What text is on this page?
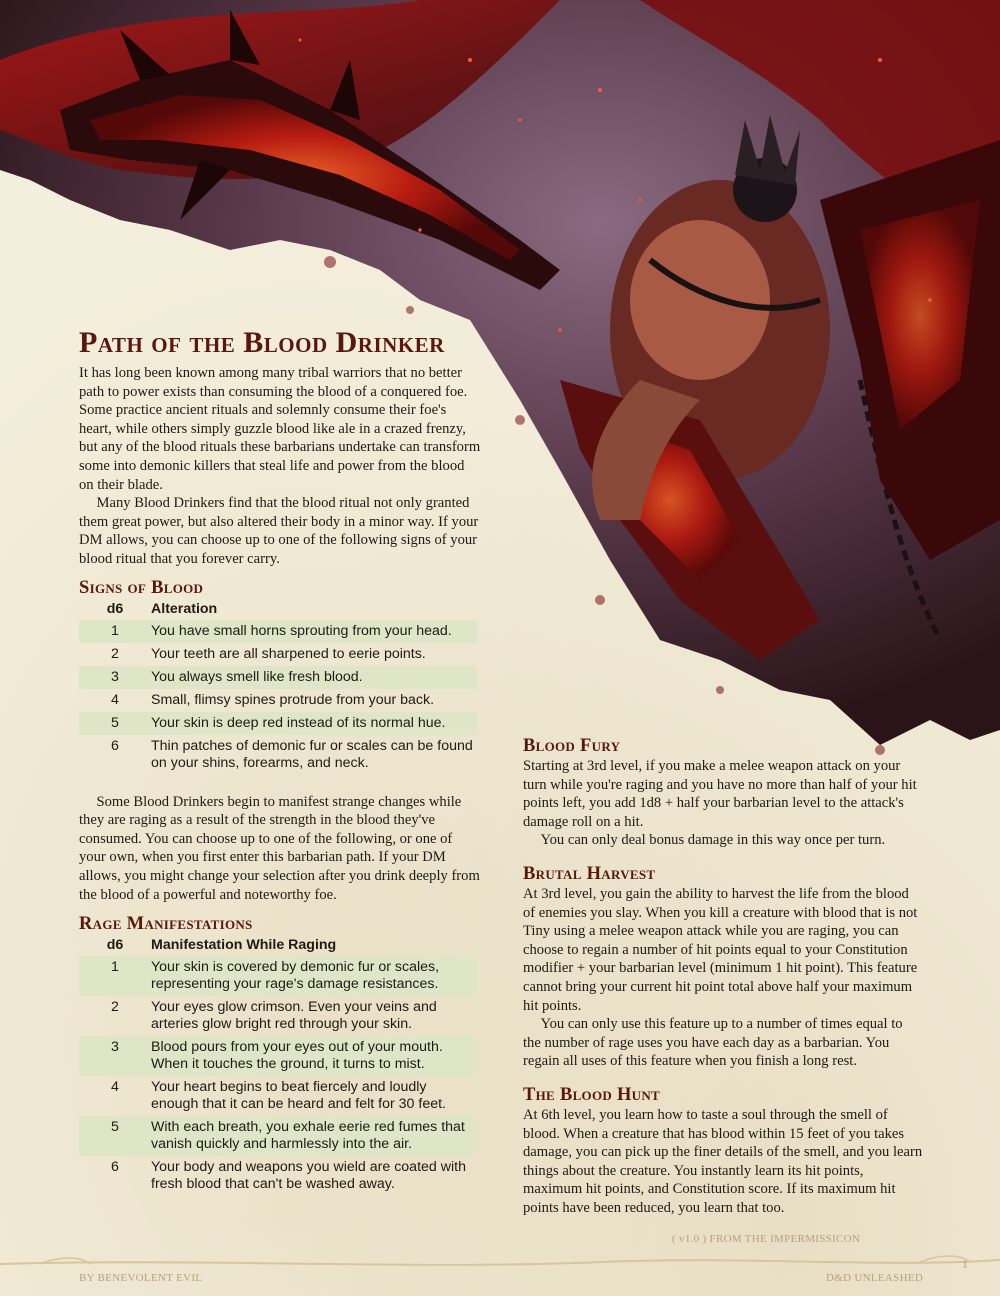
Path of the Blood Drinker

It has long been known among many tribal warriors that no better path to power exists than consuming the blood of a conquered foe. Some practice ancient rituals and solemnly consume their foe's heart, while others simply guzzle blood like ale in a crazed frenzy, but any of the blood rituals these barbarians undertake can transform some into demonic killers that steal life and power from the blood on their blade.

Many Blood Drinkers find that the blood ritual not only granted them great power, but also altered their body in a minor way. If your DM allows, you can choose up to one of the following signs of your blood ritual that you forever carry.

Signs of Blood
d6	Alteration
1	You have small horns sprouting from your head.
2	Your teeth are all sharpened to eerie points.
3	You always smell like fresh blood.
4	Small, flimsy spines protrude from your back.
5	Your skin is deep red instead of its normal hue.
6	Thin patches of demonic fur or scales can be found on your shins, forearms, and neck.

Some Blood Drinkers begin to manifest strange changes while they are raging as a result of the strength in the blood they've consumed. You can choose up to one of the following, or one of your own, when you first enter this barbarian path. If your DM allows, you might change your selection after you drink deeply from the blood of a powerful and noteworthy foe.

Rage Manifestations
d6	Manifestation While Raging
1	Your skin is covered by demonic fur or scales, representing your rage's damage resistances.
2	Your eyes glow crimson. Even your veins and arteries glow bright red through your skin.
3	Blood pours from your eyes out of your mouth. When it touches the ground, it turns to mist.
4	Your heart begins to beat fiercely and loudly enough that it can be heard and felt for 30 feet.
5	With each breath, you exhale eerie red fumes that vanish quickly and harmlessly into the air.
6	Your body and weapons you wield are coated with fresh blood that can't be washed away.
Blood Fury

Starting at 3rd level, if you make a melee weapon attack on your turn while you're raging and you have no more than half of your hit points left, you add 1d8 + half your barbarian level to the attack's damage roll on a hit.

You can only deal bonus damage in this way once per turn.

Brutal Harvest

At 3rd level, you gain the ability to harvest the life from the blood of enemies you slay. When you kill a creature with blood that is not Tiny using a melee weapon attack while you are raging, you can choose to regain a number of hit points equal to your Constitution modifier + your barbarian level (minimum 1 hit point). This feature cannot bring your current hit point total above half your maximum hit points.

You can only use this feature up to a number of times equal to the number of rage uses you have each day as a barbarian. You regain all uses of this feature when you finish a long rest.

The Blood Hunt

At 6th level, you learn how to taste a soul through the smell of blood. When a creature that has blood within 15 feet of you takes damage, you can pick up the finer details of the smell, and you learn things about the creature. You instantly learn its hit points, maximum hit points, and Constitution score. If its maximum hit points have been reduced, you learn that too.

( v1.0 ) FROM THE IMPERMISSICON
BY BENEVOLENT EVIL	D&D UNLEASHED
1
